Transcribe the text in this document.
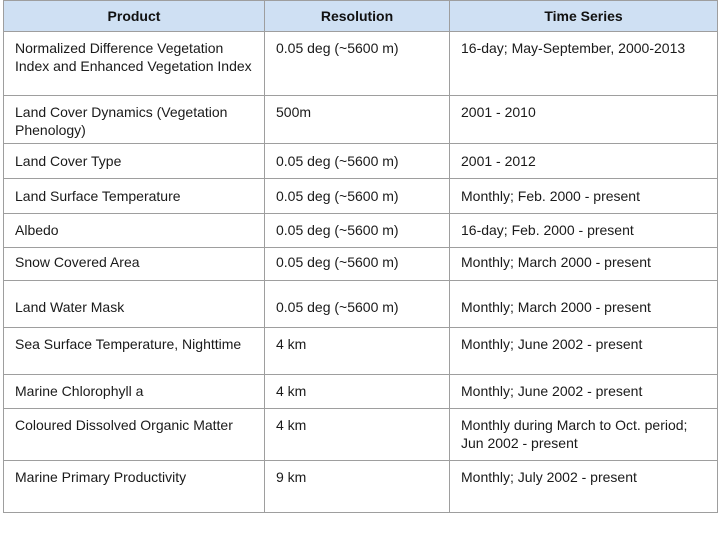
Product	Resolution	Time Series
Normalized Difference Vegetation Index and Enhanced Vegetation Index	0.05 deg (~5600 m)	16-day; May-September, 2000-2013
Land Cover Dynamics (Vegetation Phenology)	500m	2001 - 2010
Land Cover Type	0.05 deg (~5600 m)	2001 - 2012
Land Surface Temperature	0.05 deg (~5600 m)	Monthly; Feb. 2000 - present
Albedo	0.05 deg (~5600 m)	16-day; Feb. 2000 - present
Snow Covered Area	0.05 deg (~5600 m)	Monthly; March 2000 - present
Land Water Mask	0.05 deg (~5600 m)	Monthly; March 2000 - present
Sea Surface Temperature, Nighttime	4 km	Monthly; June 2002 - present
Marine Chlorophyll a	4 km	Monthly; June 2002 - present
Coloured Dissolved Organic Matter	4 km	Monthly during March to Oct. period; Jun 2002 - present
Marine Primary Productivity	9 km	Monthly; July 2002 - present
